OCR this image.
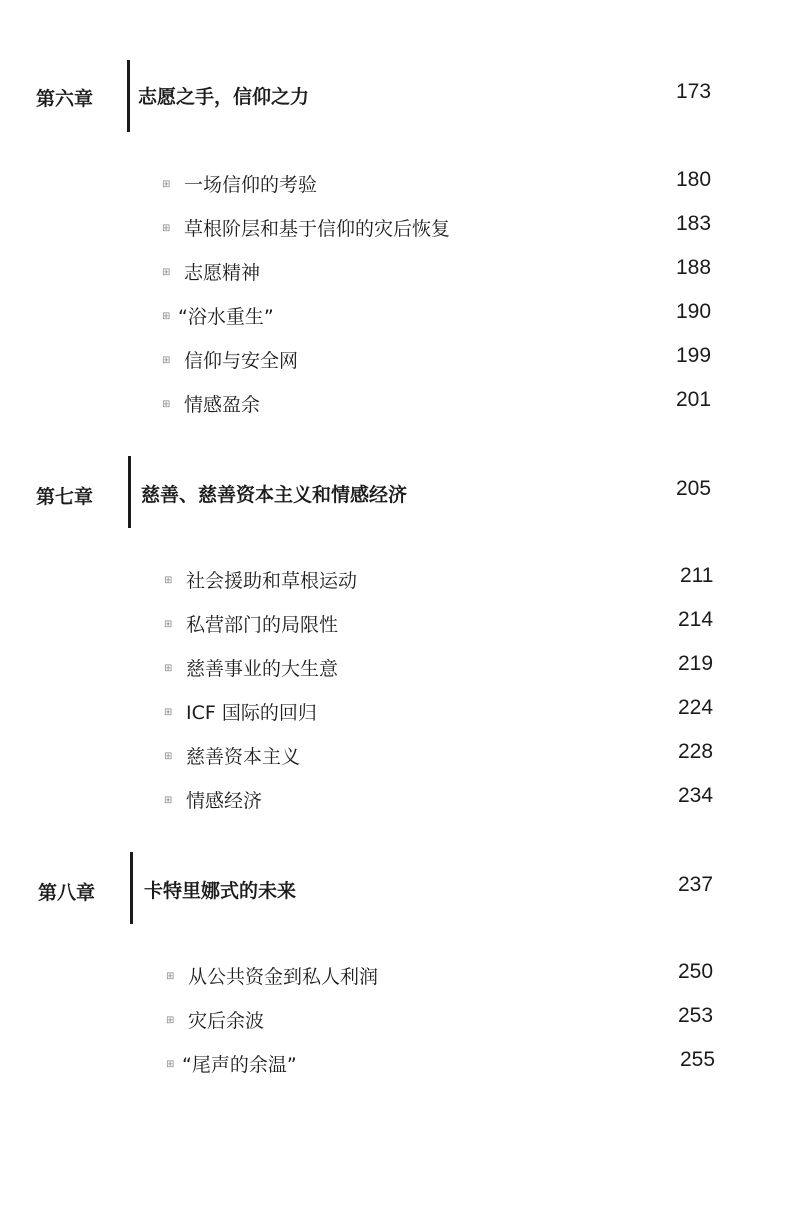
第六章 志愿之手，信仰之力	173
⊞ 一场信仰的考验	180
⊞ 草根阶层和基于信仰的灾后恢复	183
⊞ 志愿精神	188
⊞ “浴水重生”	190
⊞ 信仰与安全网	199
⊞ 情感盈余	201
第七章	慈善、慈善资本主义和情感经济	205
⊞ 社会援助和草根运动	211
⊞ 私营部门的局限性	214
⊞ 慈善事业的大生意	219
⊞ ICF 国际的回归	224
⊞ 慈善资本主义	228
⊞ 情感经济	234
第八章	卡特里娜式的未来	237
⊞ 从公共资金到私人利润	250
⊞ 灾后余波	253
⊞ “尾声的余温”	255
